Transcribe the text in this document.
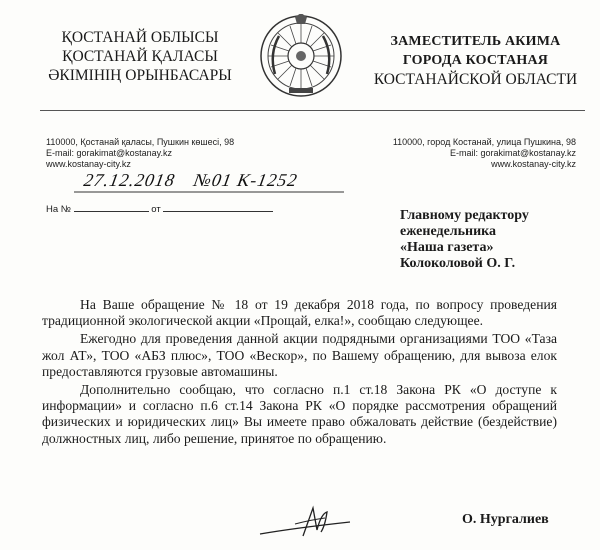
ҚОСТАНАЙ ОБЛЫСЫ
ҚОСТАНАЙ ҚАЛАСЫ
ӘКІМІНІҢ ОРЫНБАСАРЫ
ЗАМЕСТИТЕЛЬ АКИМА
ГОРОДА КОСТАНАЯ
КОСТАНАЙСКОЙ ОБЛАСТИ
110000, Қостанай қаласы, Пушкин көшесі, 98
E-mail: gorakimat@kostanay.kz
www.kostanay-city.kz
110000, город Костанай, улица Пушкина, 98
E-mail: gorakimat@kostanay.kz
www.kostanay-city.kz
27.12.2018 №01 К-1252
На №	от	Главному редактору
еженедельника
«Наша газета»
Колоколовой О. Г.

На Ваше обращение № 18 от 19 декабря 2018 года, по вопросу проведения традиционной экологической акции «Прощай, елка!», сообщаю следующее.

Ежегодно для проведения данной акции подрядными организациями ТОО «Таза жол АТ», ТОО «АБЗ плюс», ТОО «Вескор», по Вашему обращению, для вывоза елок предоставляются грузовые автомашины.

Дополнительно сообщаю, что согласно п.1 ст.18 Закона РК «О доступе к информации» и согласно п.6 ст.14 Закона РК «О порядке рассмотрения обращений физических и юридических лиц» Вы имеете право обжаловать действие (бездействие) должностных лиц, либо решение, принятое по обращению.

О. Нургалиев
